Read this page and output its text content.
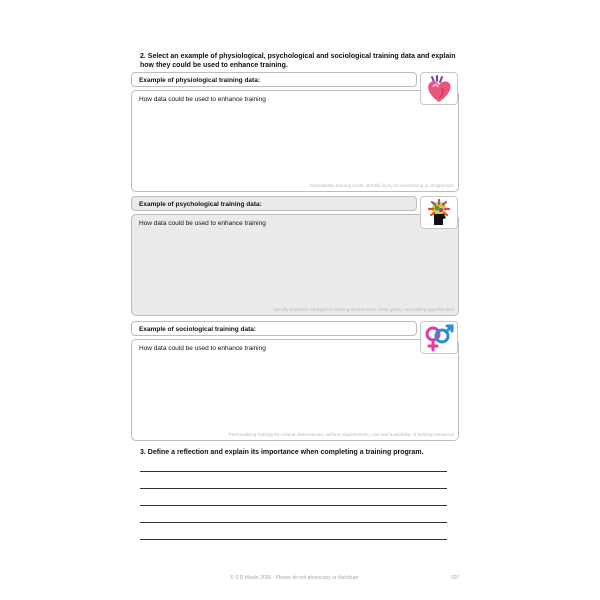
2. Select an example of physiological, psychological and sociological training data and explain how they could be used to enhance training.
Example of physiological training data:
How data could be used to enhance training
Individualise training loads, identify injury or overtraining or progression
Example of psychological training data:
How data could be used to enhance training
Identify boredom, changes to training environment, reset goals, counselling opportunities
Example of sociological training data:
How data could be used to enhance training
Personalising training for cultural observances, uniform requirements, cost and availability of training resources
3. Define a reflection and explain its importance when completing a training program.
© S D Martin 2026 - Please do not photocopy or distribute	207
